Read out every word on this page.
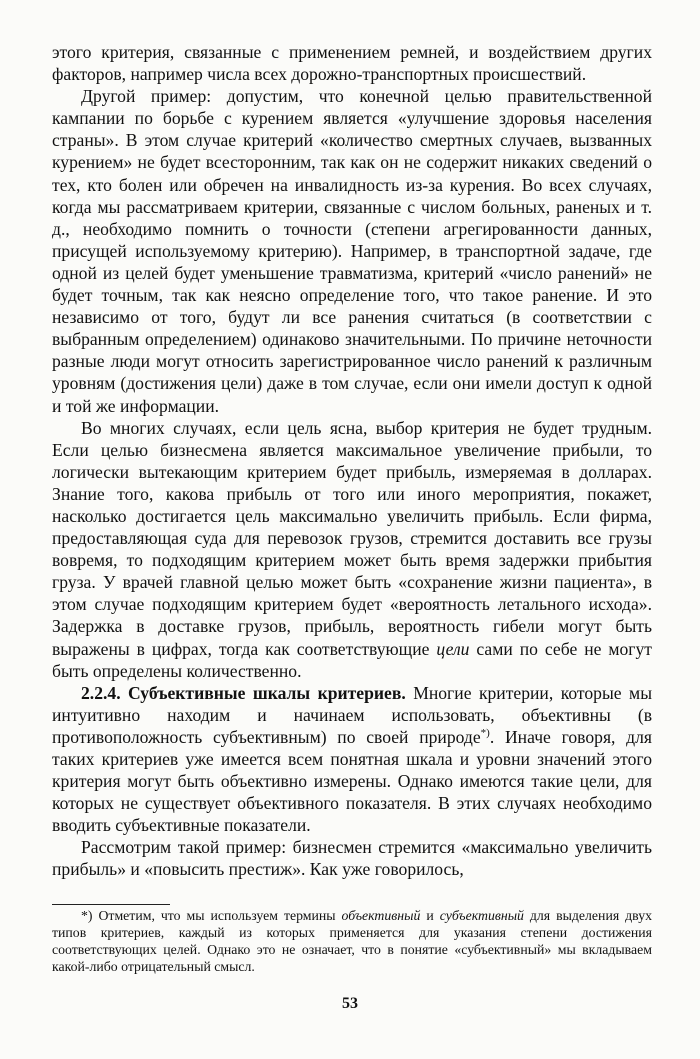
этого критерия, связанные с применением ремней, и воздействием других факторов, например числа всех дорожно-транспортных происшествий.

Другой пример: допустим, что конечной целью правительственной кампании по борьбе с курением является «улучшение здоровья населения страны». В этом случае критерий «количество смертных случаев, вызванных курением» не будет всесторонним, так как он не содержит никаких сведений о тех, кто болен или обречен на инвалидность из-за курения. Во всех случаях, когда мы рассматриваем критерии, связанные с числом больных, раненых и т. д., необходимо помнить о точности (степени агрегированности данных, присущей используемому критерию). Например, в транспортной задаче, где одной из целей будет уменьшение травматизма, критерий «число ранений» не будет точным, так как неясно определение того, что такое ранение. И это независимо от того, будут ли все ранения считаться (в соответствии с выбранным определением) одинаково значительными. По причине неточности разные люди могут относить зарегистрированное число ранений к различным уровням (достижения цели) даже в том случае, если они имели доступ к одной и той же информации.

Во многих случаях, если цель ясна, выбор критерия не будет трудным. Если целью бизнесмена является максимальное увеличение прибыли, то логически вытекающим критерием будет прибыль, измеряемая в долларах. Знание того, какова прибыль от того или иного мероприятия, покажет, насколько достигается цель максимально увеличить прибыль. Если фирма, предоставляющая суда для перевозок грузов, стремится доставить все грузы вовремя, то подходящим критерием может быть время задержки прибытия груза. У врачей главной целью может быть «сохранение жизни пациента», в этом случае подходящим критерием будет «вероятность летального исхода». Задержка в доставке грузов, прибыль, вероятность гибели могут быть выражены в цифрах, тогда как соответствующие цели сами по себе не могут быть определены количественно.

2.2.4. Субъективные шкалы критериев. Многие критерии, которые мы интуитивно находим и начинаем использовать, объективны (в противоположность субъективным) по своей природе*). Иначе говоря, для таких критериев уже имеется всем понятная шкала и уровни значений этого критерия могут быть объективно измерены. Однако имеются такие цели, для которых не существует объективного показателя. В этих случаях необходимо вводить субъективные показатели.

Рассмотрим такой пример: бизнесмен стремится «максимально увеличить прибыль» и «повысить престиж». Как уже говорилось,

*) Отметим, что мы используем термины объективный и субъективный для выделения двух типов критериев, каждый из которых применяется для указания степени достижения соответствующих целей. Однако это не означает, что в понятие «субъективный» мы вкладываем какой-либо отрицательный смысл.

53
